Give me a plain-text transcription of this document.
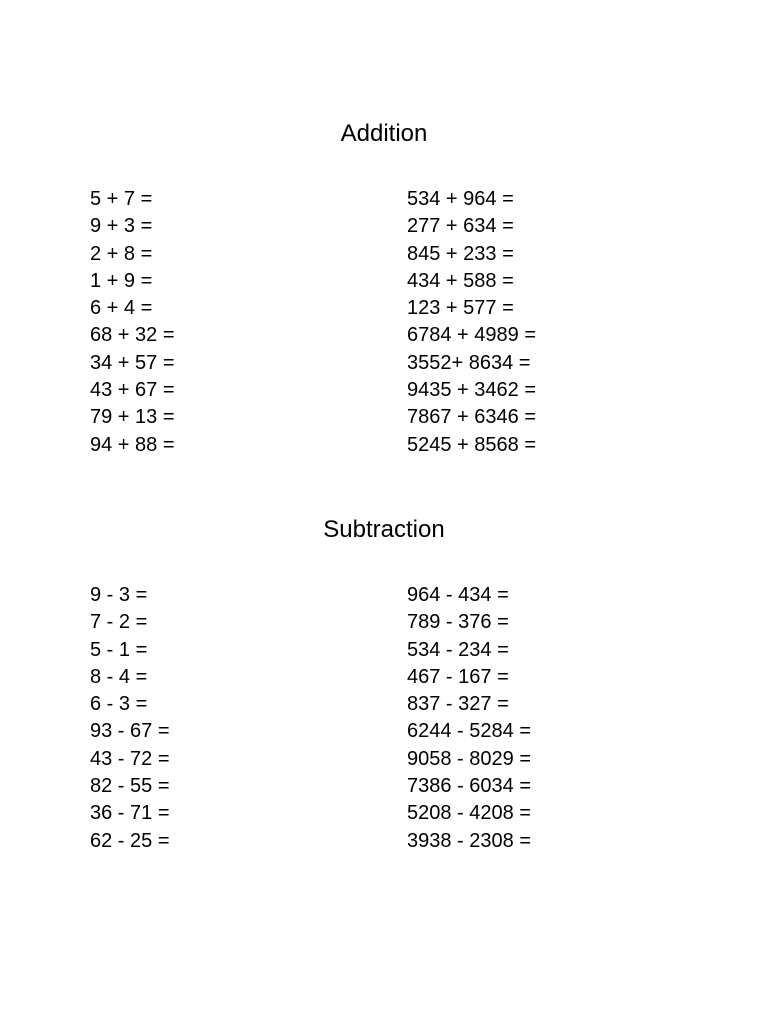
Addition
5 + 7 =
9 + 3 =
2 + 8 =
1 + 9 =
6 + 4 =
68 + 32 =
34 + 57 =
43 + 67 =
79 + 13 =
94 + 88 =
534 + 964 =
277 + 634 =
845 + 233 =
434 + 588 =
123 + 577 =
6784 + 4989 =
3552+ 8634 =
9435 + 3462 =
7867 + 6346 =
5245 + 8568 =
Subtraction
9 - 3 =
7 - 2 =
5 - 1 =
8 - 4 =
6 - 3 =
93 - 67 =
43 - 72 =
82 - 55 =
36 - 71 =
62 - 25 =
964 - 434 =
789 - 376 =
534 - 234 =
467 - 167 =
837 - 327 =
6244 - 5284 =
9058 - 8029 =
7386 - 6034 =
5208 - 4208 =
3938 - 2308 =
